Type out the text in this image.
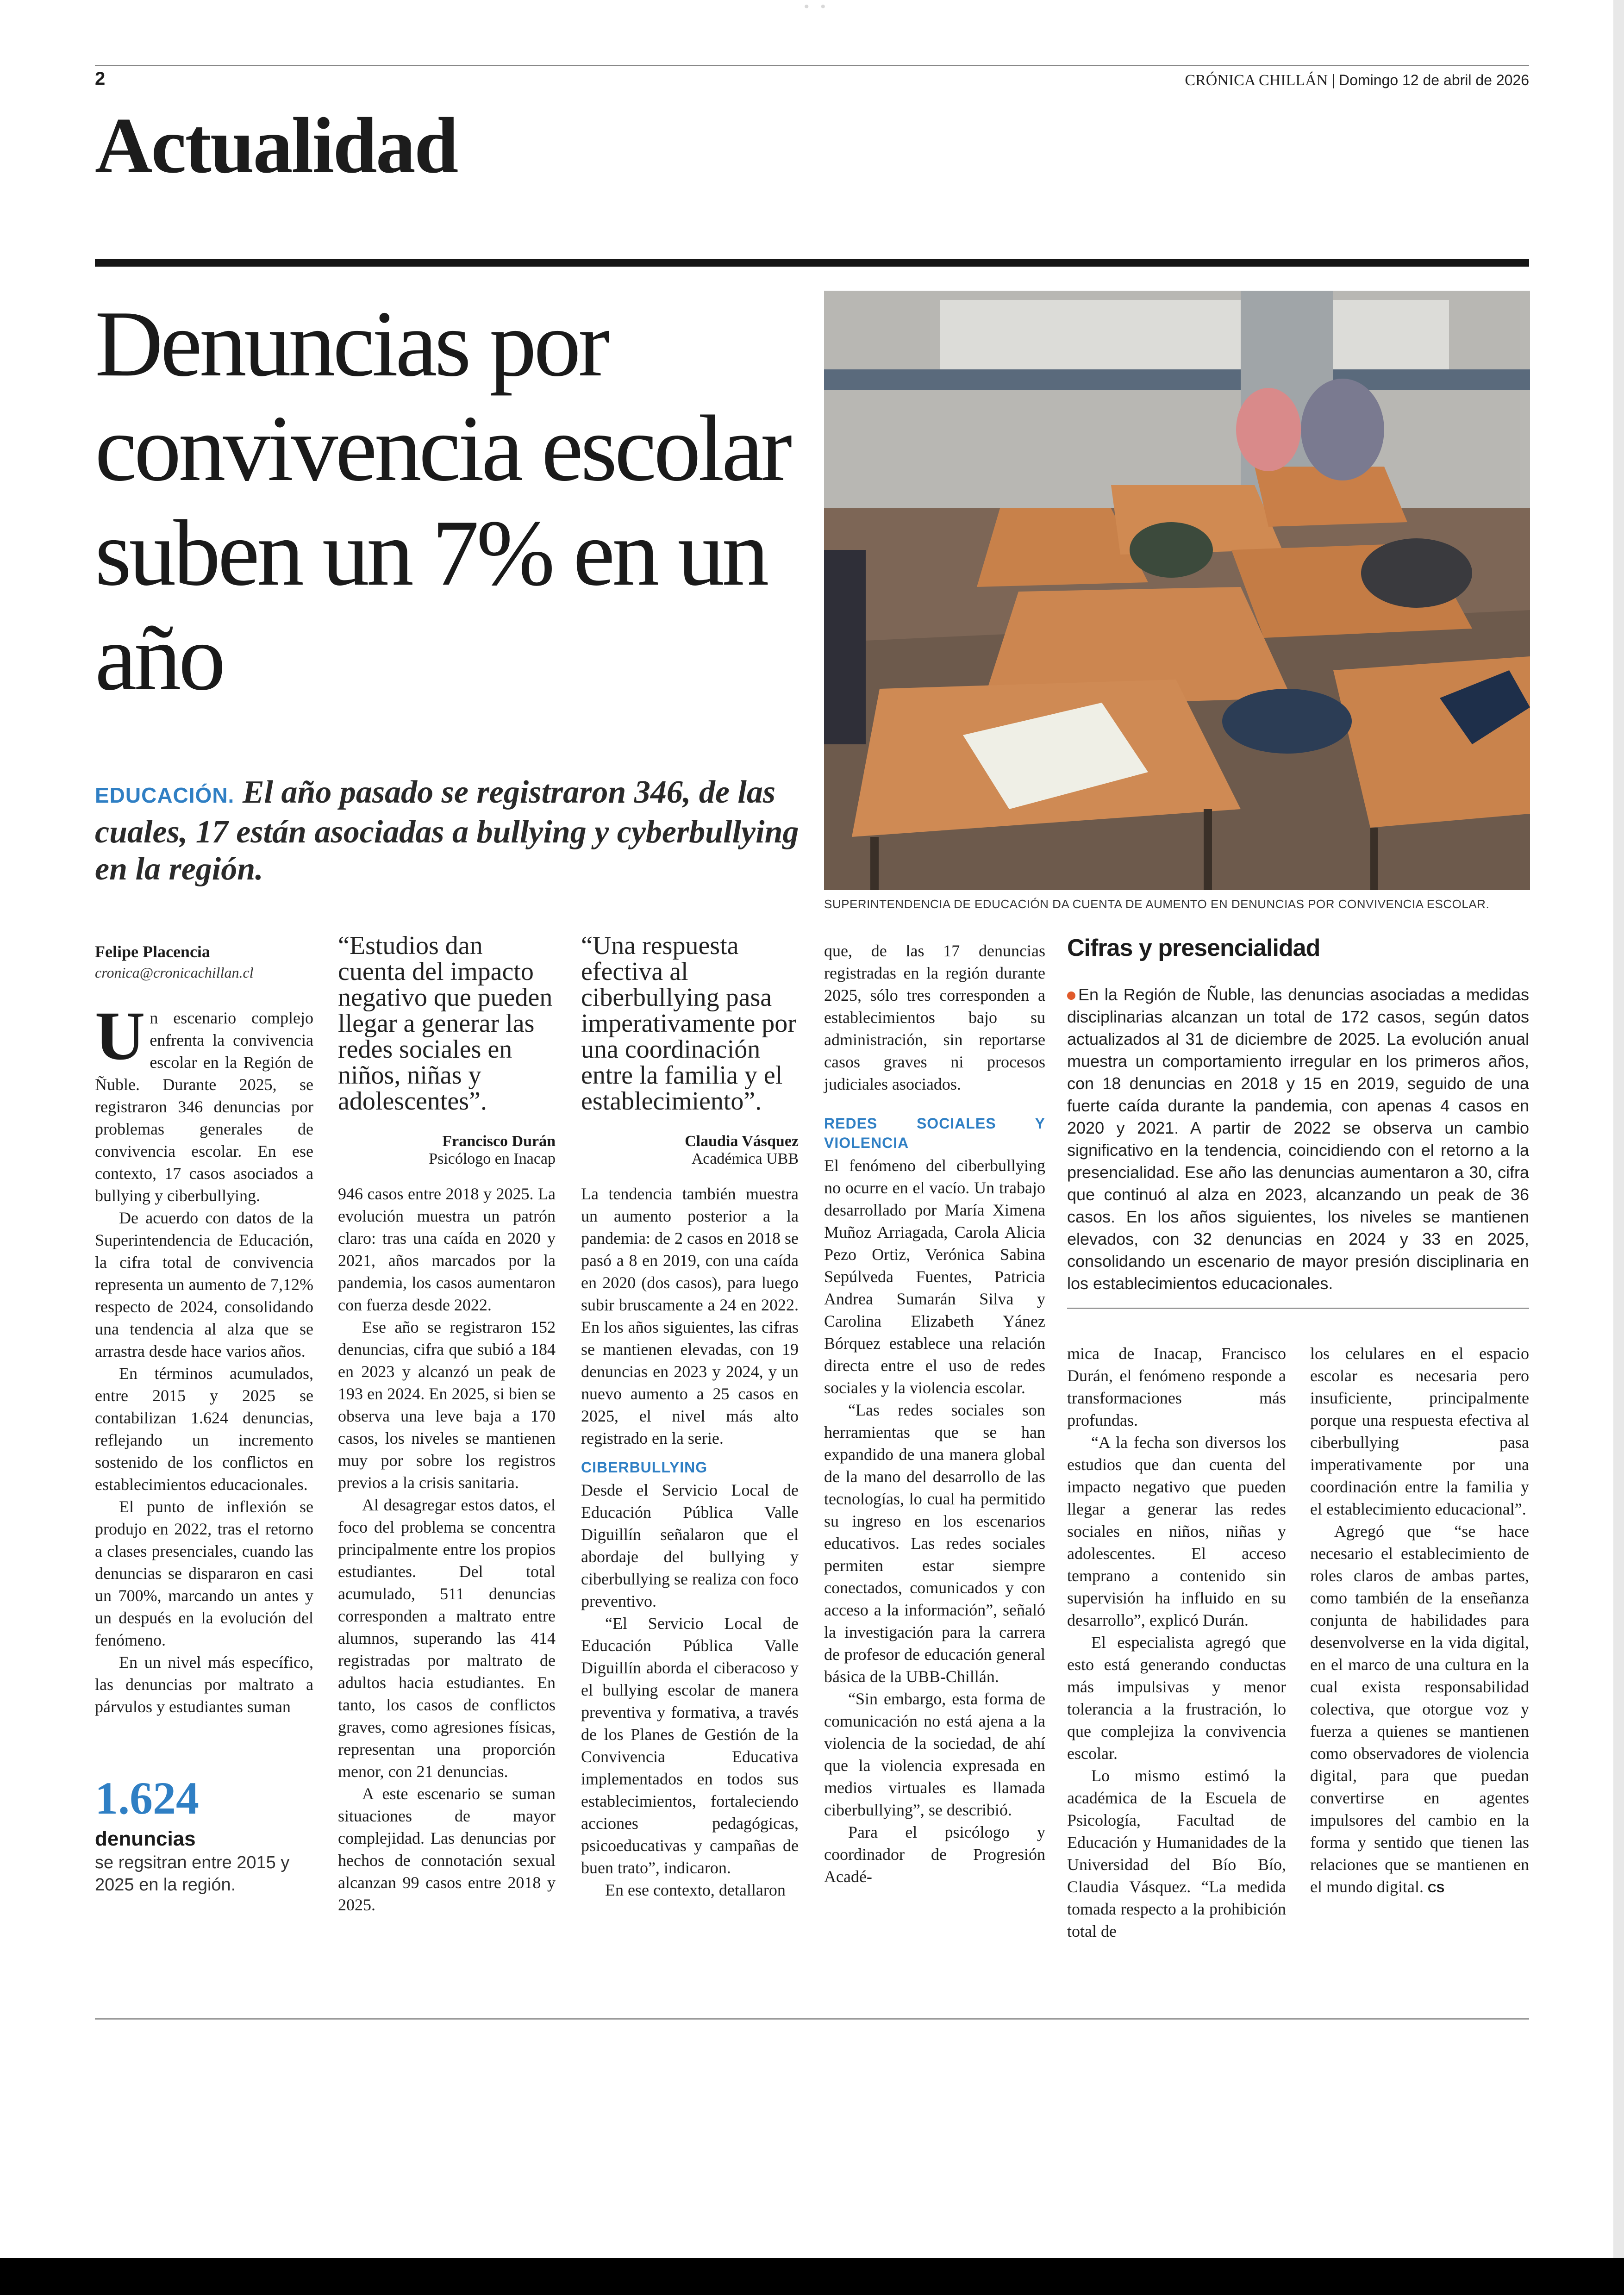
• •
2	CRÓNICA CHILLÁN | Domingo 12 de abril de 2026
Actualidad
Denuncias por convivencia escolar suben un 7% en un año
EDUCACIÓN. El año pasado se registraron 346, de las cuales, 17 están asociadas a bullying y cyberbullying en la región.
SUPERINTENDENCIA DE EDUCACIÓN DA CUENTA DE AUMENTO EN DENUNCIAS POR CONVIVENCIA ESCOLAR.
Felipe Placencia
cronica@cronicachillan.cl

Un escenario complejo enfrenta la convivencia escolar en la Región de Ñuble. Durante 2025, se registraron 346 denuncias por problemas generales de convivencia escolar. En ese contexto, 17 casos asociados a bullying y ciberbullying.

De acuerdo con datos de la Superintendencia de Educación, la cifra total de convivencia representa un aumento de 7,12% respecto de 2024, consolidando una tendencia al alza que se arrastra desde hace varios años.

En términos acumulados, entre 2015 y 2025 se contabilizan 1.624 denuncias, reflejando un incremento sostenido de los conflictos en establecimientos educacionales.

El punto de inflexión se produjo en 2022, tras el retorno a clases presenciales, cuando las denuncias se dispararon en casi un 700%, marcando un antes y un después en la evolución del fenómeno.

En un nivel más específico, las denuncias por maltrato a párvulos y estudiantes suman

1.624
denuncias
se regsitran entre 2015 y 2025 en la región.
“Estudios dan cuenta del impacto negativo que pueden llegar a generar las redes sociales en niños, niñas y adolescentes”.
Francisco Durán
Psicólogo en Inacap
“Una respuesta efectiva al ciberbullying pasa imperativamente por una coordinación entre la familia y el establecimiento”.
Claudia Vásquez
Académica UBB

946 casos entre 2018 y 2025. La evolución muestra un patrón claro: tras una caída en 2020 y 2021, años marcados por la pandemia, los casos aumentaron con fuerza desde 2022.

Ese año se registraron 152 denuncias, cifra que subió a 184 en 2023 y alcanzó un peak de 193 en 2024. En 2025, si bien se observa una leve baja a 170 casos, los niveles se mantienen muy por sobre los registros previos a la crisis sanitaria.

Al desagregar estos datos, el foco del problema se concentra principalmente entre los propios estudiantes. Del total acumulado, 511 denuncias corresponden a maltrato entre alumnos, superando las 414 registradas por maltrato de adultos hacia estudiantes. En tanto, los casos de conflictos graves, como agresiones físicas, representan una proporción menor, con 21 denuncias.

A este escenario se suman situaciones de mayor complejidad. Las denuncias por hechos de connotación sexual alcanzan 99 casos entre 2018 y 2025.

La tendencia también muestra un aumento posterior a la pandemia: de 2 casos en 2018 se pasó a 8 en 2019, con una caída en 2020 (dos casos), para luego subir bruscamente a 24 en 2022. En los años siguientes, las cifras se mantienen elevadas, con 19 denuncias en 2023 y 2024, y un nuevo aumento a 25 casos en 2025, el nivel más alto registrado en la serie.

CIBERBULLYING

Desde el Servicio Local de Educación Pública Valle Diguillín señalaron que el abordaje del bullying y ciberbullying se realiza con foco preventivo.

“El Servicio Local de Educación Pública Valle Diguillín aborda el ciberacoso y el bullying escolar de manera preventiva y formativa, a través de los Planes de Gestión de la Convivencia Educativa implementados en todos sus establecimientos, fortaleciendo acciones pedagógicas, psicoeducativas y campañas de buen trato”, indicaron.

En ese contexto, detallaron

que, de las 17 denuncias registradas en la región durante 2025, sólo tres corresponden a establecimientos bajo su administración, sin reportarse casos graves ni procesos judiciales asociados.

REDES SOCIALES Y VIOLENCIA

El fenómeno del ciberbullying no ocurre en el vacío. Un trabajo desarrollado por María Ximena Muñoz Arriagada, Carola Alicia Pezo Ortiz, Verónica Sabina Sepúlveda Fuentes, Patricia Andrea Sumarán Silva y Carolina Elizabeth Yánez Bórquez establece una relación directa entre el uso de redes sociales y la violencia escolar.

“Las redes sociales son herramientas que se han expandido de una manera global de la mano del desarrollo de las tecnologías, lo cual ha permitido su ingreso en los escenarios educativos. Las redes sociales permiten estar siempre conectados, comunicados y con acceso a la información”, señaló la investigación para la carrera de profesor de educación general básica de la UBB-Chillán.

“Sin embargo, esta forma de comunicación no está ajena a la violencia de la sociedad, de ahí que la violencia expresada en medios virtuales es llamada ciberbullying”, se describió.

Para el psicólogo y coordinador de Progresión Acadé-

Cifras y presencialidad
En la Región de Ñuble, las denuncias asociadas a medidas disciplinarias alcanzan un total de 172 casos, según datos actualizados al 31 de diciembre de 2025. La evolución anual muestra un comportamiento irregular en los primeros años, con 18 denuncias en 2018 y 15 en 2019, seguido de una fuerte caída durante la pandemia, con apenas 4 casos en 2020 y 2021. A partir de 2022 se observa un cambio significativo en la tendencia, coincidiendo con el retorno a la presencialidad. Ese año las denuncias aumentaron a 30, cifra que continuó al alza en 2023, alcanzando un peak de 36 casos. En los años siguientes, los niveles se mantienen elevados, con 32 denuncias en 2024 y 33 en 2025, consolidando un escenario de mayor presión disciplinaria en los establecimientos educacionales.

mica de Inacap, Francisco Durán, el fenómeno responde a transformaciones más profundas.

“A la fecha son diversos los estudios que dan cuenta del impacto negativo que pueden llegar a generar las redes sociales en niños, niñas y adolescentes. El acceso temprano a contenido sin supervisión ha influido en su desarrollo”, explicó Durán.

El especialista agregó que esto está generando conductas más impulsivas y menor tolerancia a la frustración, lo que complejiza la convivencia escolar.

Lo mismo estimó la académica de la Escuela de Psicología, Facultad de Educación y Humanidades de la Universidad del Bío Bío, Claudia Vásquez. “La medida tomada respecto a la prohibición total de

los celulares en el espacio escolar es necesaria pero insuficiente, principalmente porque una respuesta efectiva al ciberbullying pasa imperativamente por una coordinación entre la familia y el establecimiento educacional”.

Agregó que “se hace necesario el establecimiento de roles claros de ambas partes, como también de la enseñanza conjunta de habilidades para desenvolverse en la vida digital, en el marco de una cultura en la cual exista responsabilidad colectiva, que otorgue voz y fuerza a quienes se mantienen como observadores de violencia digital, para que puedan convertirse en agentes impulsores del cambio en la forma y sentido que tienen las relaciones que se mantienen en el mundo digital. CS
